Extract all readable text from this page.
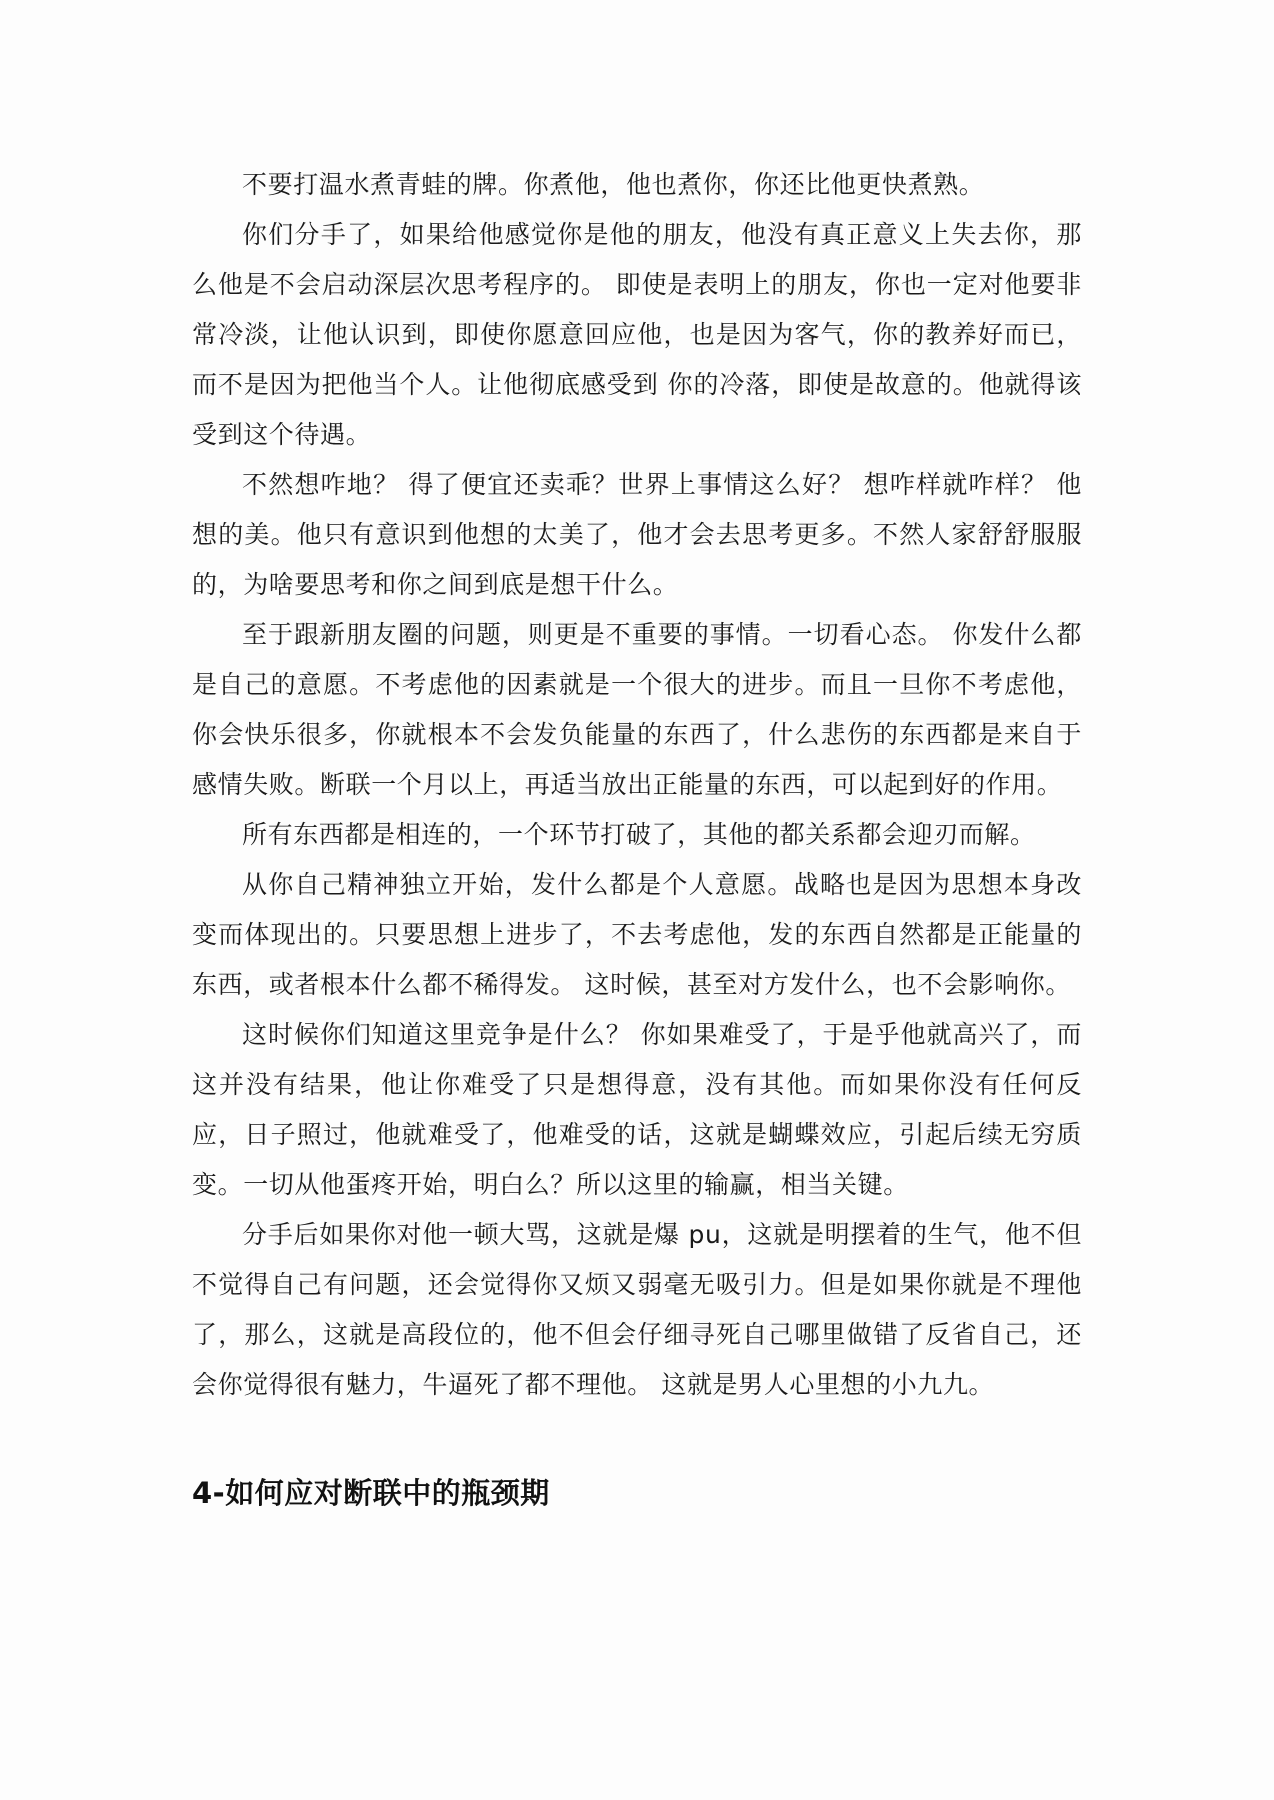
不要打温水煮青蛙的牌。你煮他，他也煮你，你还比他更快煮熟。

你们分手了，如果给他感觉你是他的朋友，他没有真正意义上失去你，那么他是不会启动深层次思考程序的。 即使是表明上的朋友，你也一定对他要非常冷淡，让他认识到，即使你愿意回应他，也是因为客气，你的教养好而已，而不是因为把他当个人。让他彻底感受到 你的冷落，即使是故意的。他就得该受到这个待遇。

不然想咋地？ 得了便宜还卖乖？世界上事情这么好？ 想咋样就咋样？ 他想的美。他只有意识到他想的太美了，他才会去思考更多。不然人家舒舒服服的，为啥要思考和你之间到底是想干什么。

至于跟新朋友圈的问题，则更是不重要的事情。一切看心态。 你发什么都是自己的意愿。不考虑他的因素就是一个很大的进步。而且一旦你不考虑他，你会快乐很多，你就根本不会发负能量的东西了，什么悲伤的东西都是来自于感情失败。断联一个月以上，再适当放出正能量的东西，可以起到好的作用。

所有东西都是相连的，一个环节打破了，其他的都关系都会迎刃而解。

从你自己精神独立开始，发什么都是个人意愿。战略也是因为思想本身改变而体现出的。只要思想上进步了，不去考虑他，发的东西自然都是正能量的东西，或者根本什么都不稀得发。 这时候，甚至对方发什么，也不会影响你。

这时候你们知道这里竞争是什么？ 你如果难受了，于是乎他就高兴了，而这并没有结果，他让你难受了只是想得意，没有其他。而如果你没有任何反应，日子照过，他就难受了，他难受的话，这就是蝴蝶效应，引起后续无穷质变。一切从他蛋疼开始，明白么？所以这里的输赢，相当关键。

分手后如果你对他一顿大骂，这就是爆 pu，这就是明摆着的生气，他不但不觉得自己有问题，还会觉得你又烦又弱毫无吸引力。但是如果你就是不理他了，那么，这就是高段位的，他不但会仔细寻死自己哪里做错了反省自己，还会你觉得很有魅力，牛逼死了都不理他。 这就是男人心里想的小九九。

4-如何应对断联中的瓶颈期
